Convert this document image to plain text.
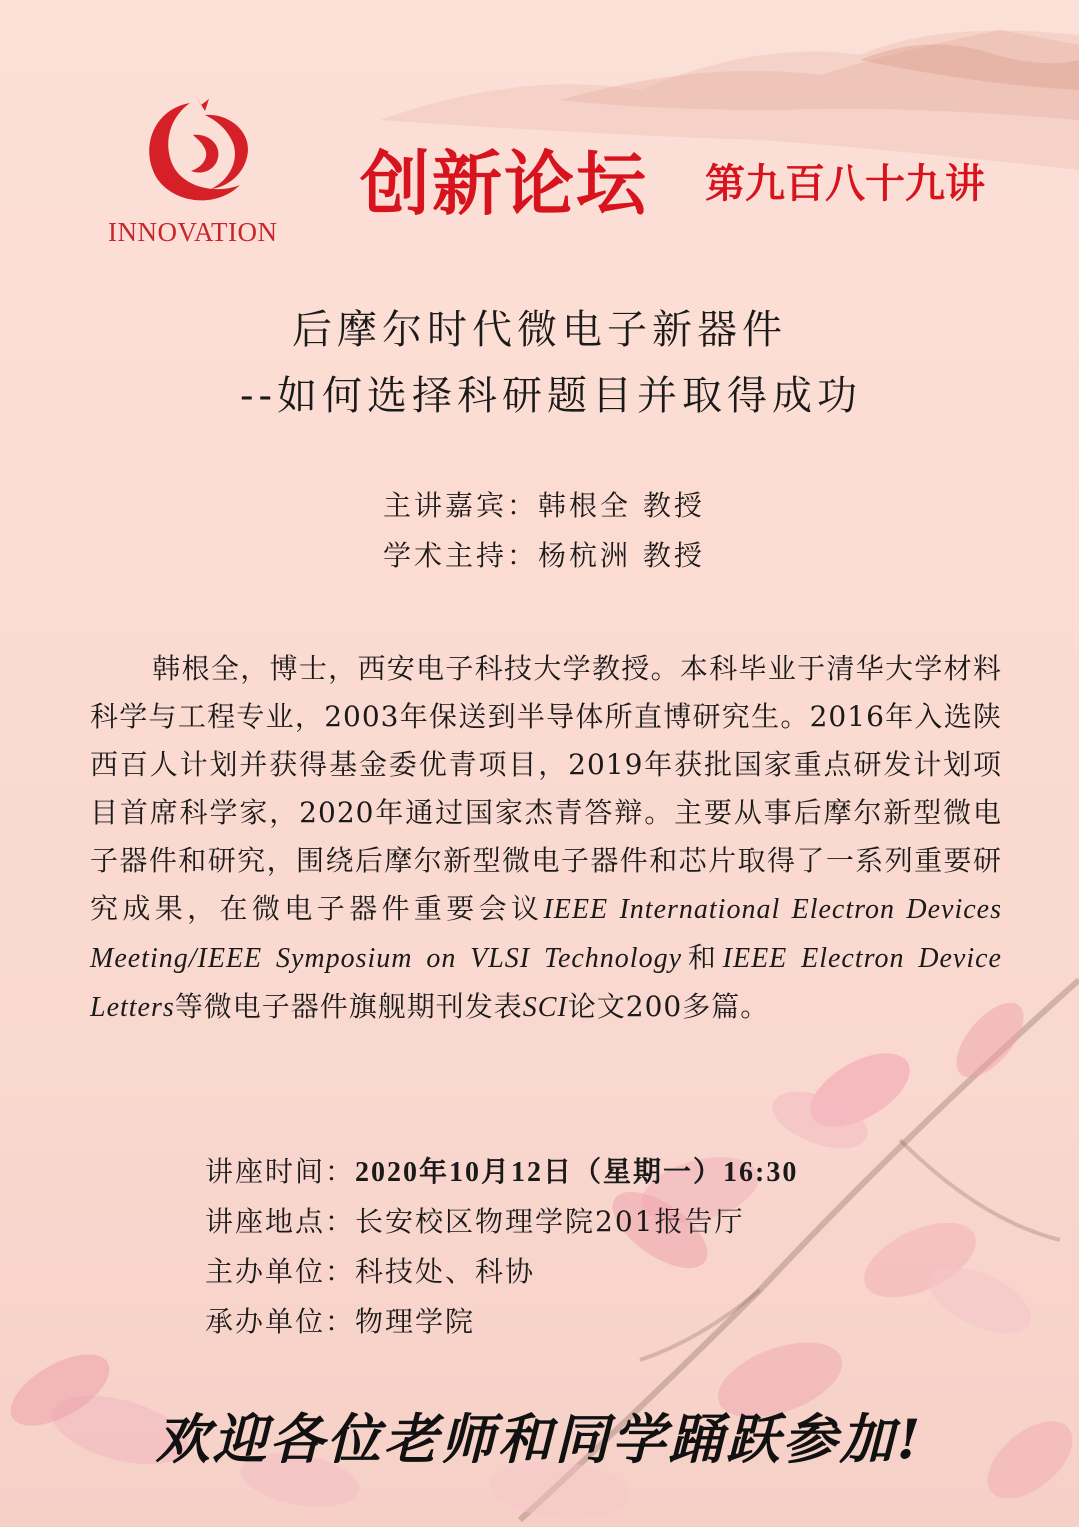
INNOVATION
创新论坛 第九百八十九讲
后摩尔时代微电子新器件
--如何选择科研题目并取得成功
主讲嘉宾：韩根全 教授
学术主持：杨杭洲 教授
韩根全，博士，西安电子科技大学教授。本科毕业于清华大学材料科学与工程专业，2003年保送到半导体所直博研究生。2016年入选陕西百人计划并获得基金委优青项目，2019年获批国家重点研发计划项目首席科学家，2020年通过国家杰青答辩。主要从事后摩尔新型微电子器件和研究，围绕后摩尔新型微电子器件和芯片取得了一系列重要研究成果，在微电子器件重要会议IEEE International Electron Devices Meeting/IEEE Symposium on VLSI Technology和IEEE Electron Device Letters等微电子器件旗舰期刊发表SCI论文200多篇。
讲座时间：2020年10月12日（星期一）16:30
讲座地点：长安校区物理学院201报告厅
主办单位：科技处、科协
承办单位：物理学院
欢迎各位老师和同学踊跃参加!
